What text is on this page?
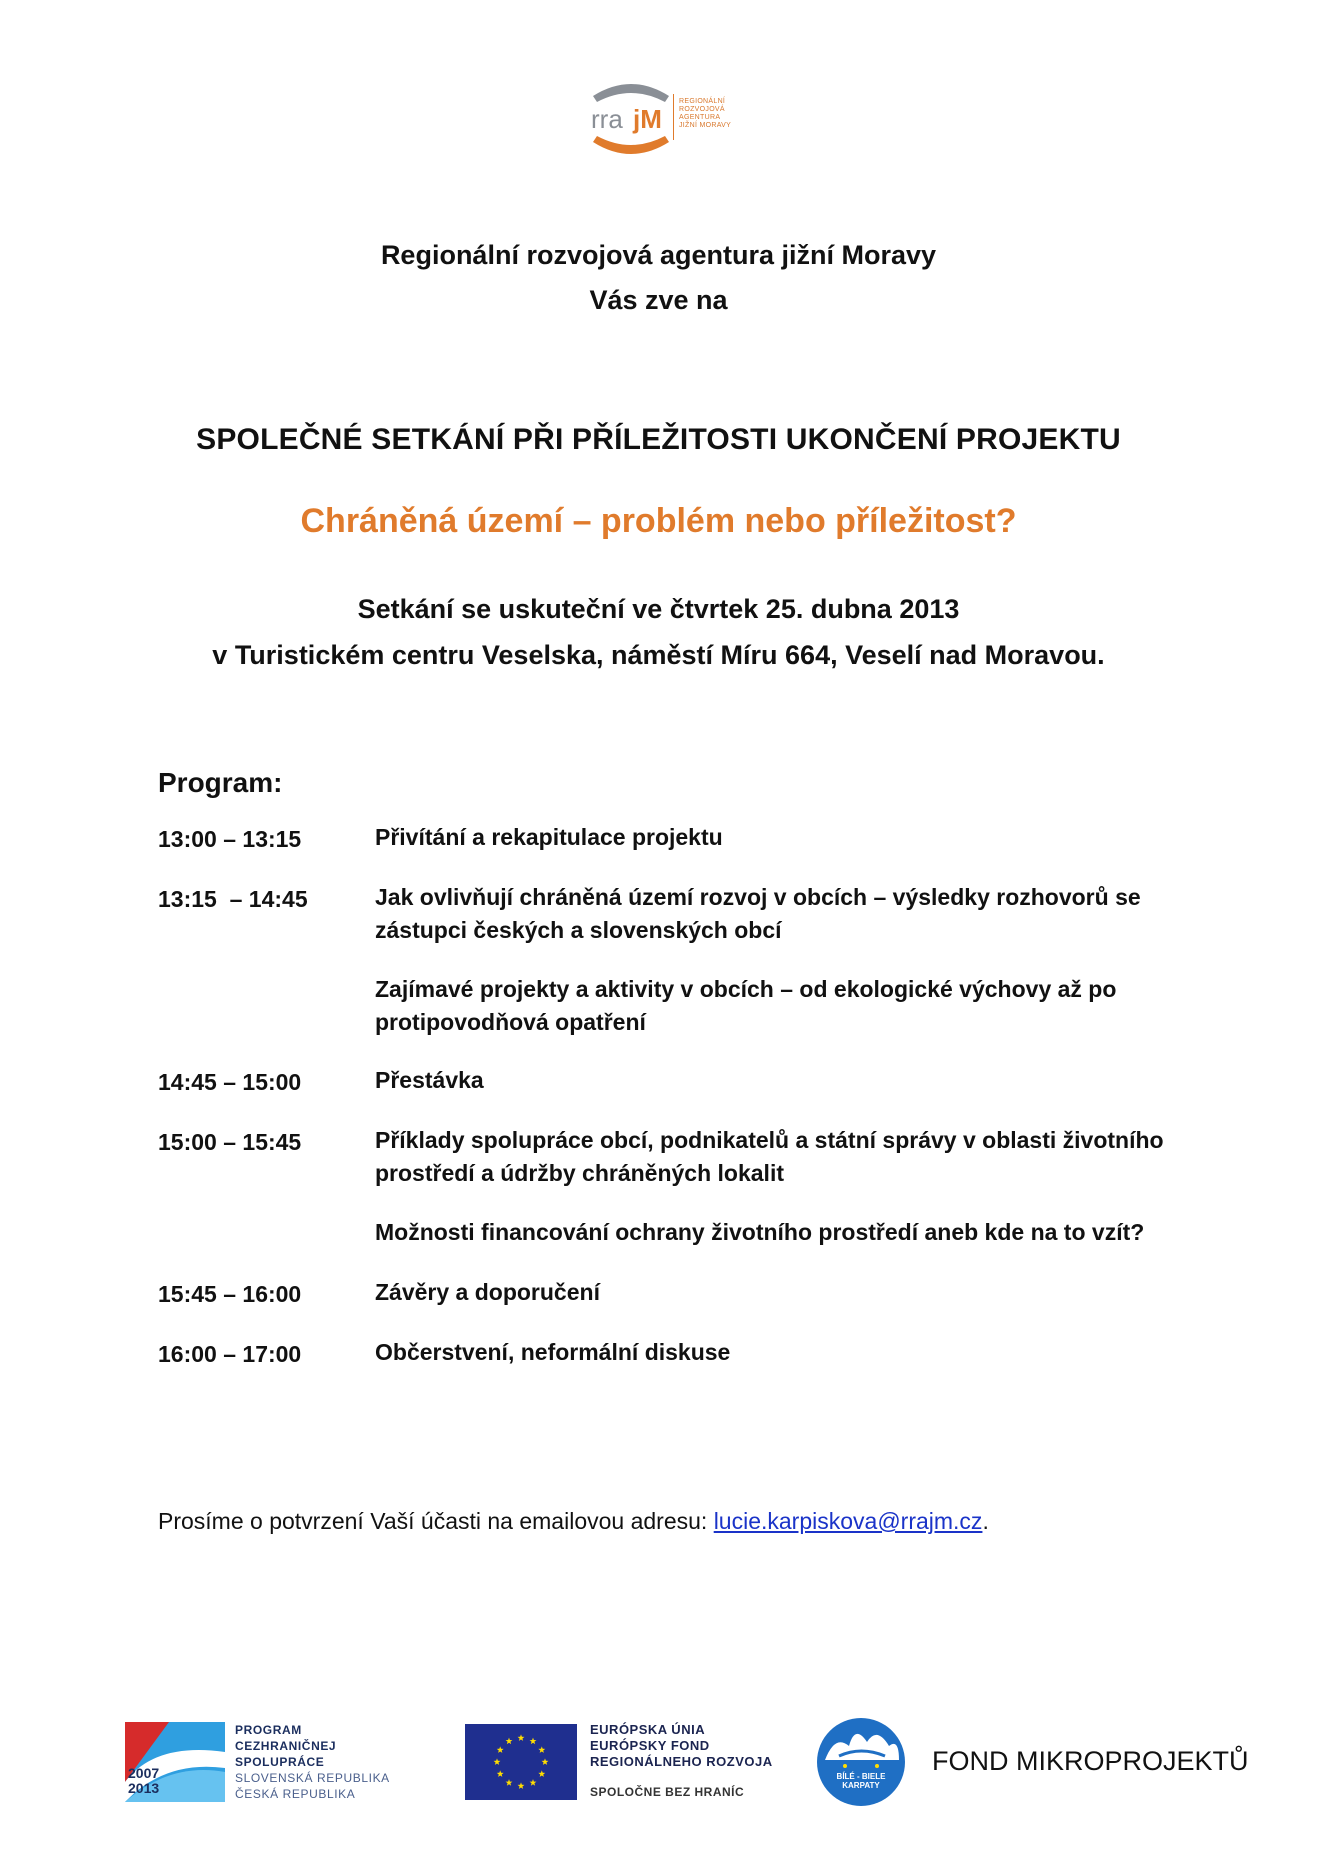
rra jM
REGIONÁLNÍ
ROZVOJOVÁ
AGENTURA
JIŽNÍ MORAVY
Regionální rozvojová agentura jižní Moravy
Vás zve na
SPOLEČNÉ SETKÁNÍ PŘI PŘÍLEŽITOSTI UKONČENÍ PROJEKTU
Chráněná území – problém nebo příležitost?
Setkání se uskuteční ve čtvrtek 25. dubna 2013
v Turistickém centru Veselska, náměstí Míru 664, Veselí nad Moravou.
Program:
13:00 – 13:15	Přivítání a rekapitulace projektu
13:15  – 14:45	Jak ovlivňují chráněná území rozvoj v obcích – výsledky rozhovorů se zástupci českých a slovenských obcí
Zajímavé projekty a aktivity v obcích – od ekologické výchovy až po protipovodňová opatření
14:45 – 15:00	Přestávka
15:00 – 15:45	Příklady spolupráce obcí, podnikatelů a státní správy v oblasti životního prostředí a údržby chráněných lokalit
Možnosti financování ochrany životního prostředí aneb kde na to vzít?
15:45 – 16:00	Závěry a doporučení
16:00 – 17:00	Občerstvení, neformální diskuse
Prosíme o potvrzení Vaší účasti na emailovou adresu: lucie.karpiskova@rrajm.cz.
2007
2013
PROGRAM
CEZHRANIČNEJ
SPOLUPRÁCE
SLOVENSKÁ REPUBLIKA
ČESKÁ REPUBLIKA
EURÓPSKA ÚNIA
EURÓPSKY FOND
REGIONÁLNEHO ROZVOJA
SPOLOČNE BEZ HRANÍC
BÍLÉ - BIELE
KARPATY
FOND MIKROPROJEKTŮ
